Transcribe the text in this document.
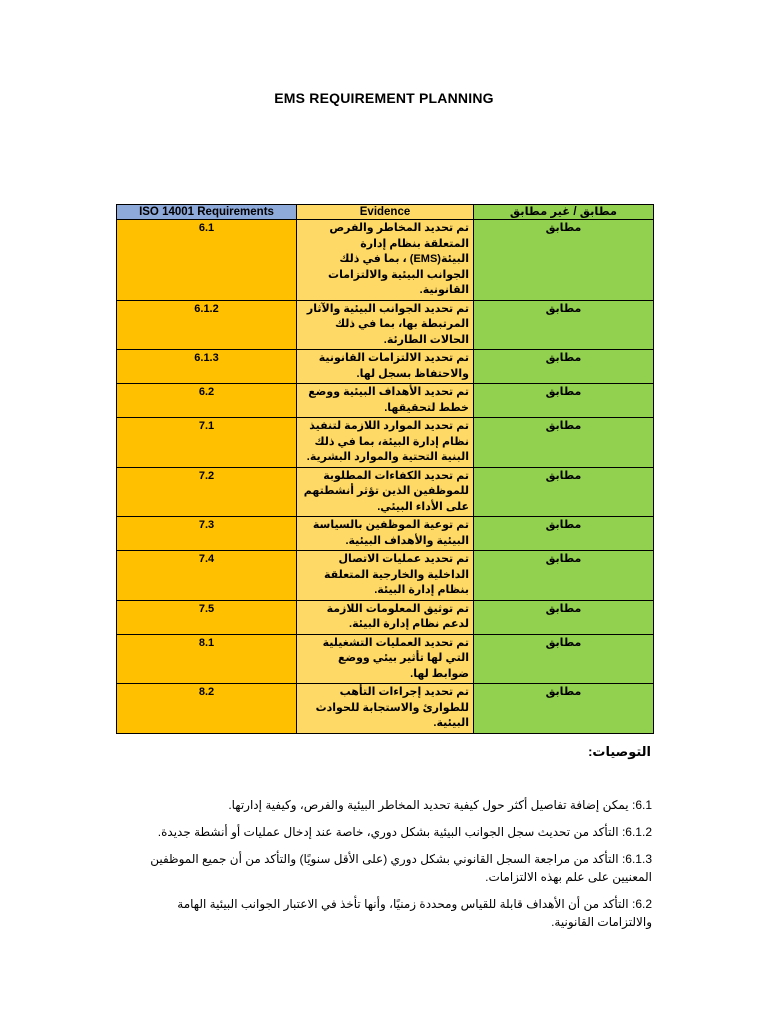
EMS REQUIREMENT PLANNING
ISO 14001 Requirements	Evidence	مطابق / غير مطابق
6.1	تم تحديد المخاطر والفرص المتعلقة بنظام إدارة البيئة(EMS) ، بما في ذلك الجوانب البيئية والالتزامات القانونية.	مطابق
6.1.2	تم تحديد الجوانب البيئية والآثار المرتبطة بها، بما في ذلك الحالات الطارئة.	مطابق
6.1.3	تم تحديد الالتزامات القانونية والاحتفاظ بسجل لها.	مطابق
6.2	تم تحديد الأهداف البيئية ووضع خطط لتحقيقها.	مطابق
7.1	تم تحديد الموارد اللازمة لتنفيذ نظام إدارة البيئة، بما في ذلك البنية التحتية والموارد البشرية.	مطابق
7.2	تم تحديد الكفاءات المطلوبة للموظفين الذين تؤثر أنشطتهم على الأداء البيئي.	مطابق
7.3	تم توعية الموظفين بالسياسة البيئية والأهداف البيئية.	مطابق
7.4	تم تحديد عمليات الاتصال الداخلية والخارجية المتعلقة بنظام إدارة البيئة.	مطابق
7.5	تم توثيق المعلومات اللازمة لدعم نظام إدارة البيئة.	مطابق
8.1	تم تحديد العمليات التشغيلية التي لها تأثير بيئي ووضع ضوابط لها.	مطابق
8.2	تم تحديد إجراءات التأهب للطوارئ والاستجابة للحوادث البيئية.	مطابق
التوصيات:

6.1: يمكن إضافة تفاصيل أكثر حول كيفية تحديد المخاطر البيئية والفرص، وكيفية إدارتها.

6.1.2: التأكد من تحديث سجل الجوانب البيئية بشكل دوري، خاصة عند إدخال عمليات أو أنشطة جديدة.

6.1.3: التأكد من مراجعة السجل القانوني بشكل دوري (على الأقل سنويًا) والتأكد من أن جميع الموظفين المعنيين على علم بهذه الالتزامات.

6.2: التأكد من أن الأهداف قابلة للقياس ومحددة زمنيًا، وأنها تأخذ في الاعتبار الجوانب البيئية الهامة والالتزامات القانونية.
